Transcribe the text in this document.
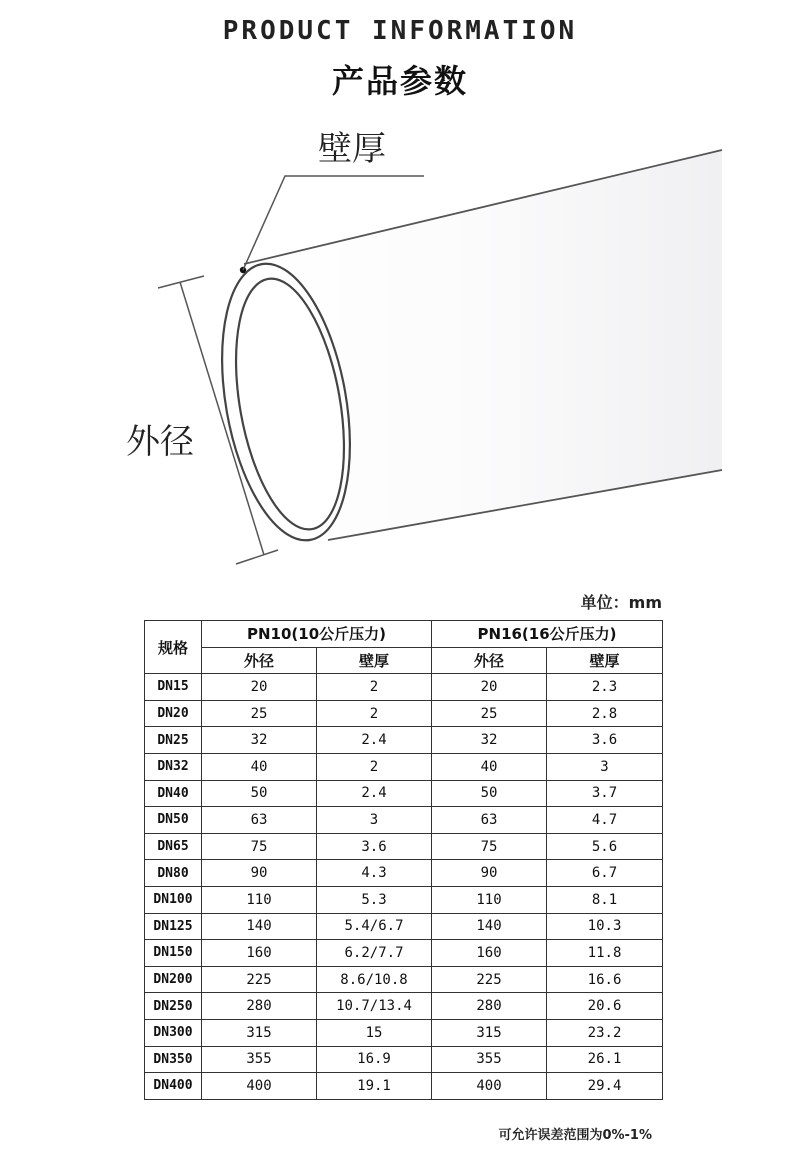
PRODUCT INFORMATION
产品参数
壁厚
外径
单位：mm
规格	PN10(10公斤压力)		PN16(16公斤压力)	
	外径	壁厚	外径	壁厚
DN15	20	2	20	2.3
DN20	25	2	25	2.8
DN25	32	2.4	32	3.6
DN32	40	2	40	3
DN40	50	2.4	50	3.7
DN50	63	3	63	4.7
DN65	75	3.6	75	5.6
DN80	90	4.3	90	6.7
DN100	110	5.3	110	8.1
DN125	140	5.4/6.7	140	10.3
DN150	160	6.2/7.7	160	11.8
DN200	225	8.6/10.8	225	16.6
DN250	280	10.7/13.4	280	20.6
DN300	315	15	315	23.2
DN350	355	16.9	355	26.1
DN400	400	19.1	400	29.4
可允许误差范围为0%-1%
